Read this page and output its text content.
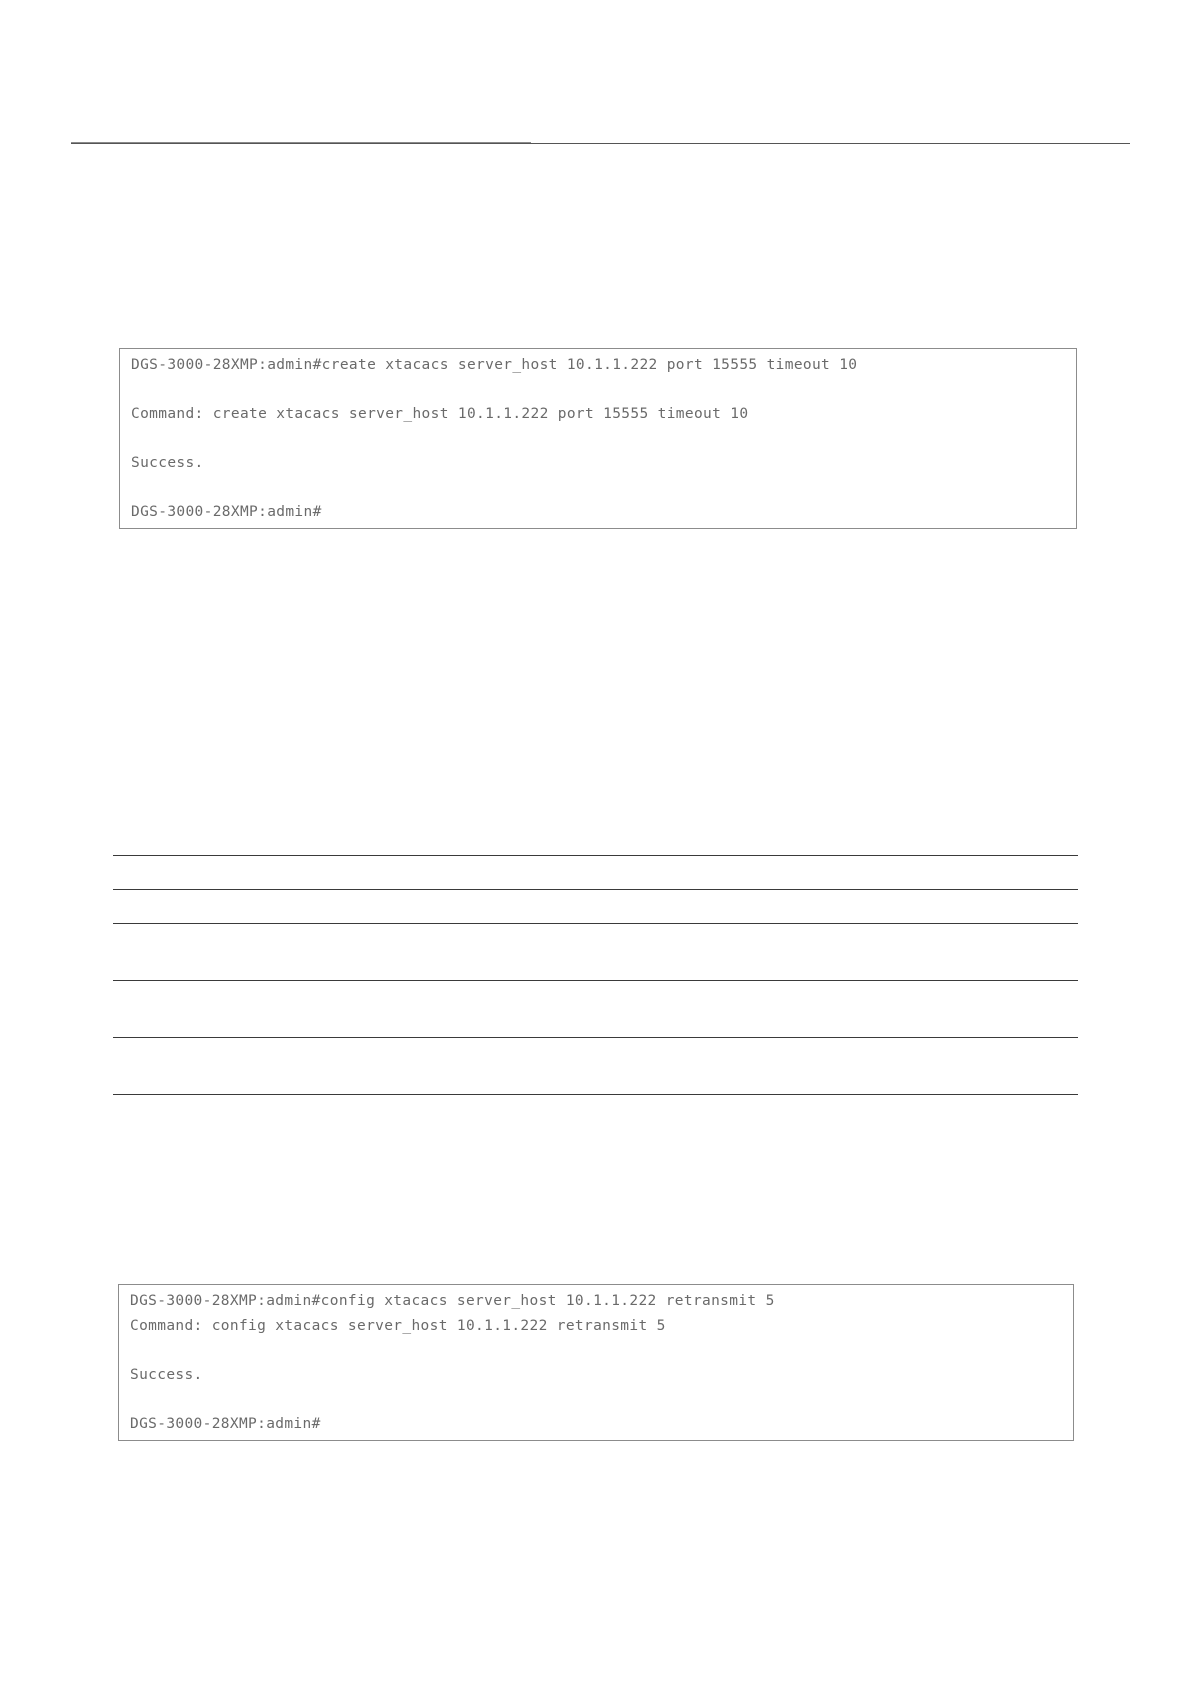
DGS-3000-28XMP:admin#create xtacacs server_host 10.1.1.222 port 15555 timeout 10
Command: create xtacacs server_host 10.1.1.222 port 15555 timeout 10
Success.
DGS-3000-28XMP:admin#
DGS-3000-28XMP:admin#config xtacacs server_host 10.1.1.222 retransmit 5
Command: config xtacacs server_host 10.1.1.222 retransmit 5
Success.
DGS-3000-28XMP:admin#
